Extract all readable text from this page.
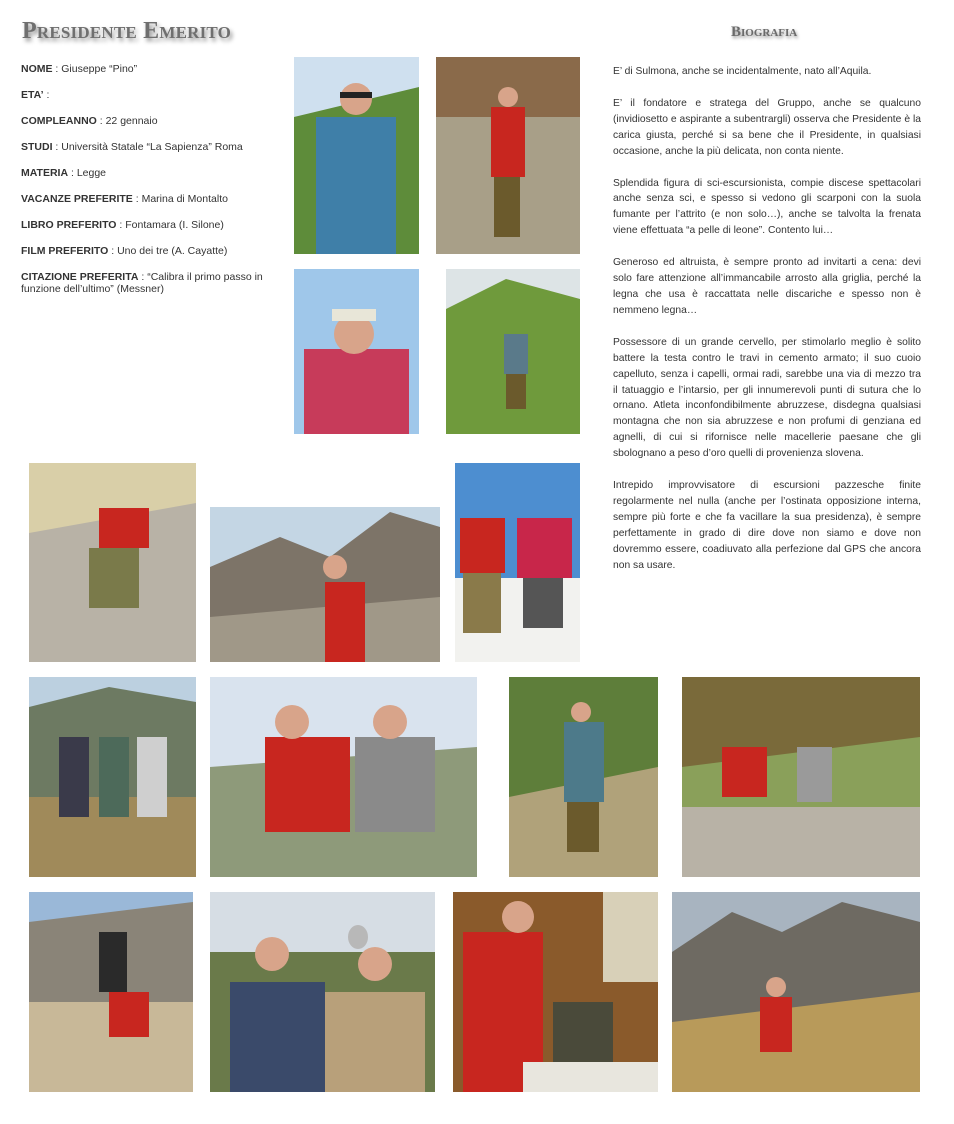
Presidente Emerito	Biografia
NOME : Giuseppe “Pino”
ETA’ :
COMPLEANNO : 22 gennaio
STUDI : Università Statale “La Sapienza” Roma
MATERIA : Legge
VACANZE PREFERITE : Marina di Montalto
LIBRO PREFERITO : Fontamara (I. Silone)
FILM PREFERITO : Uno dei tre (A. Cayatte)
CITAZIONE PREFERITA : “Calibra il primo passo in funzione dell’ultimo” (Messner)

E’ di Sulmona, anche se incidentalmente, nato all’Aquila.

E’ il fondatore e stratega del Gruppo, anche se qualcuno (invidiosetto e aspirante a subentrargli) osserva che Presidente è la carica giusta, perché si sa bene che il Presidente, in qualsiasi occasione, anche la più delicata, non conta niente.

Splendida figura di sci-escursionista, compie discese spettacolari anche senza sci, e spesso si vedono gli scarponi con la suola fumante per l’attrito (e non solo…), anche se talvolta la frenata viene effettuata “a pelle di leone”. Contento lui…

Generoso ed altruista, è sempre pronto ad invitarti a cena: devi solo fare attenzione all’immancabile arrosto alla griglia, perché la legna che usa è raccattata nelle discariche e spesso non è nemmeno legna…

Possessore di un grande cervello, per stimolarlo meglio è solito battere la testa contro le travi in cemento armato; il suo cuoio capelluto, senza i capelli, ormai radi, sarebbe una via di mezzo tra il tatuaggio e l’intarsio, per gli innumerevoli punti di sutura che lo ornano. Atleta inconfondibilmente abruzzese, disdegna qualsiasi montagna che non sia abruzzese e non profumi di genziana ed agnelli, di cui si rifornisce nelle macellerie paesane che gli sbolognano a peso d’oro quelli di provenienza slovena.

Intrepido improvvisatore di escursioni pazzesche finite regolarmente nel nulla (anche per l’ostinata opposizione interna, sempre più forte e che fa vacillare la sua presidenza), è sempre perfettamente in grado di dire dove non siamo e dove non dovremmo essere, coadiuvato alla perfezione dal GPS che ancora non sa usare.
